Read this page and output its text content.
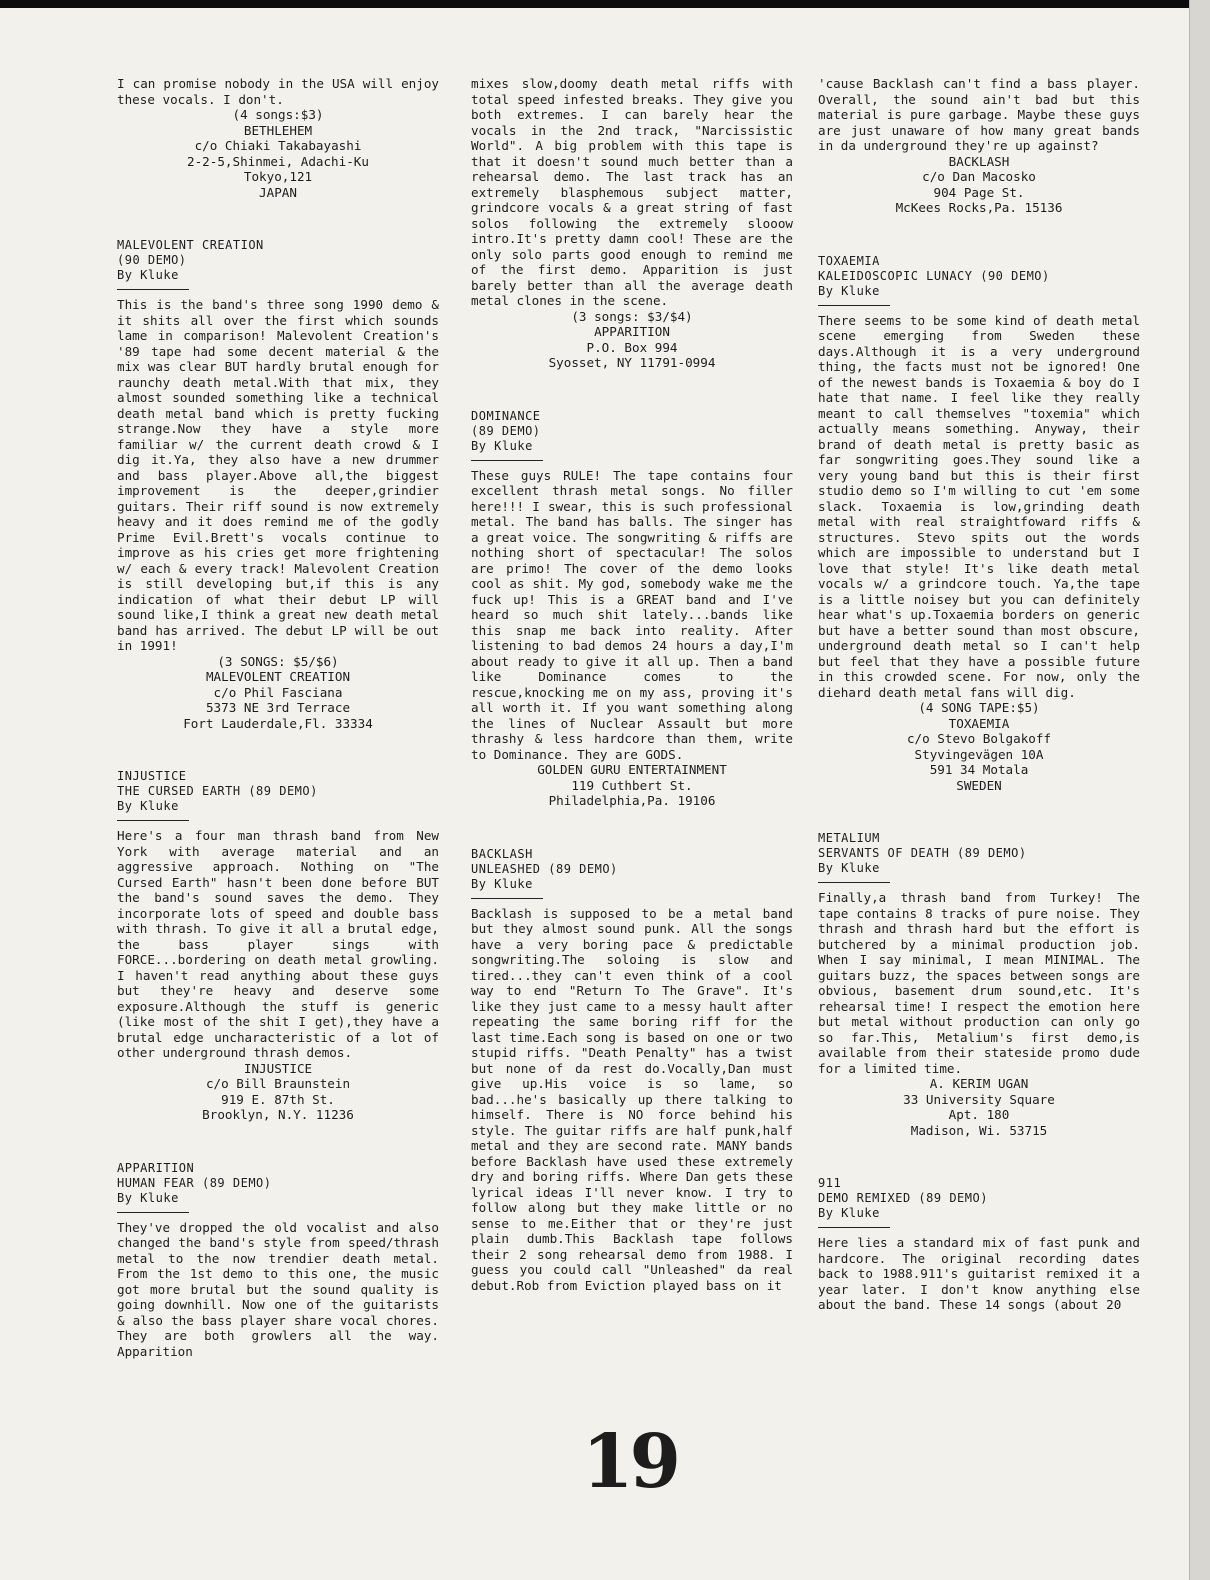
I can promise nobody in the USA will enjoy these vocals. I don't.

(4 songs:$3)

BETHLEHEM

c/o Chiaki Takabayashi

2-2-5,Shinmei, Adachi-Ku

Tokyo,121

JAPAN

MALEVOLENT CREATION

(90 DEMO)

By Kluke

This is the band's three song 1990 demo & it shits all over the first which sounds lame in comparison! Malevolent Creation's '89 tape had some decent material & the mix was clear BUT hardly brutal enough for raunchy death metal.With that mix, they almost sounded something like a technical death metal band which is pretty fucking strange.Now they have a style more familiar w/ the current death crowd & I dig it.Ya, they also have a new drummer and bass player.Above all,the biggest improvement is the deeper,grindier guitars. Their riff sound is now extremely heavy and it does remind me of the godly Prime Evil.Brett's vocals continue to improve as his cries get more frightening w/ each & every track! Malevolent Creation is still developing but,if this is any indication of what their debut LP will sound like,I think a great new death metal band has arrived. The debut LP will be out in 1991!

(3 SONGS: $5/$6)

MALEVOLENT CREATION

c/o Phil Fasciana

5373 NE 3rd Terrace

Fort Lauderdale,Fl. 33334

INJUSTICE

THE CURSED EARTH (89 DEMO)

By Kluke

Here's a four man thrash band from New York with average material and an aggressive approach. Nothing on "The Cursed Earth" hasn't been done before BUT the band's sound saves the demo. They incorporate lots of speed and double bass with thrash. To give it all a brutal edge, the bass player sings with FORCE...bordering on death metal growling. I haven't read anything about these guys but they're heavy and deserve some exposure.Although the stuff is generic (like most of the shit I get),they have a brutal edge uncharacteristic of a lot of other underground thrash demos.

INJUSTICE

c/o Bill Braunstein

919 E. 87th St.

Brooklyn, N.Y. 11236

APPARITION

HUMAN FEAR (89 DEMO)

By Kluke

They've dropped the old vocalist and also changed the band's style from speed/thrash metal to the now trendier death metal. From the 1st demo to this one, the music got more brutal but the sound quality is going downhill. Now one of the guitarists & also the bass player share vocal chores. They are both growlers all the way. Apparition

mixes slow,doomy death metal riffs with total speed infested breaks. They give you both extremes. I can barely hear the vocals in the 2nd track, "Narcissistic World". A big problem with this tape is that it doesn't sound much better than a rehearsal demo. The last track has an extremely blasphemous subject matter, grindcore vocals & a great string of fast solos following the extremely slooow intro.It's pretty damn cool! These are the only solo parts good enough to remind me of the first demo. Apparition is just barely better than all the average death metal clones in the scene.

(3 songs: $3/$4)

APPARITION

P.O. Box 994

Syosset, NY 11791-0994

DOMINANCE

(89 DEMO)

By Kluke

These guys RULE! The tape contains four excellent thrash metal songs. No filler here!!! I swear, this is such professional metal. The band has balls. The singer has a great voice. The songwriting & riffs are nothing short of spectacular! The solos are primo! The cover of the demo looks cool as shit. My god, somebody wake me the fuck up! This is a GREAT band and I've heard so much shit lately...bands like this snap me back into reality. After listening to bad demos 24 hours a day,I'm about ready to give it all up. Then a band like Dominance comes to the rescue,knocking me on my ass, proving it's all worth it. If you want something along the lines of Nuclear Assault but more thrashy & less hardcore than them, write to Dominance. They are GODS.

GOLDEN GURU ENTERTAINMENT

119 Cuthbert St.

Philadelphia,Pa. 19106

BACKLASH

UNLEASHED (89 DEMO)

By Kluke

Backlash is supposed to be a metal band but they almost sound punk. All the songs have a very boring pace & predictable songwriting.The soloing is slow and tired...they can't even think of a cool way to end "Return To The Grave". It's like they just came to a messy hault after repeating the same boring riff for the last time.Each song is based on one or two stupid riffs. "Death Penalty" has a twist but none of da rest do.Vocally,Dan must give up.His voice is so lame, so bad...he's basically up there talking to himself. There is NO force behind his style. The guitar riffs are half punk,half metal and they are second rate. MANY bands before Backlash have used these extremely dry and boring riffs. Where Dan gets these lyrical ideas I'll never know. I try to follow along but they make little or no sense to me.Either that or they're just plain dumb.This Backlash tape follows their 2 song rehearsal demo from 1988. I guess you could call "Unleashed" da real debut.Rob from Eviction played bass on it

'cause Backlash can't find a bass player. Overall, the sound ain't bad but this material is pure garbage. Maybe these guys are just unaware of how many great bands in da underground they're up against?

BACKLASH

c/o Dan Macosko

904 Page St.

McKees Rocks,Pa. 15136

TOXAEMIA

KALEIDOSCOPIC LUNACY (90 DEMO)

By Kluke

There seems to be some kind of death metal scene emerging from Sweden these days.Although it is a very underground thing, the facts must not be ignored! One of the newest bands is Toxaemia & boy do I hate that name. I feel like they really meant to call themselves "toxemia" which actually means something. Anyway, their brand of death metal is pretty basic as far songwriting goes.They sound like a very young band but this is their first studio demo so I'm willing to cut 'em some slack. Toxaemia is low,grinding death metal with real straightfoward riffs & structures. Stevo spits out the words which are impossible to understand but I love that style! It's like death metal vocals w/ a grindcore touch. Ya,the tape is a little noisey but you can definitely hear what's up.Toxaemia borders on generic but have a better sound than most obscure, underground death metal so I can't help but feel that they have a possible future in this crowded scene. For now, only the diehard death metal fans will dig.

(4 SONG TAPE:$5)

TOXAEMIA

c/o Stevo Bolgakoff

Styvingevägen 10A

591 34 Motala

SWEDEN

METALIUM

SERVANTS OF DEATH (89 DEMO)

By Kluke

Finally,a thrash band from Turkey! The tape contains 8 tracks of pure noise. They thrash and thrash hard but the effort is butchered by a minimal production job. When I say minimal, I mean MINIMAL. The guitars buzz, the spaces between songs are obvious, basement drum sound,etc. It's rehearsal time! I respect the emotion here but metal without production can only go so far.This, Metalium's first demo,is available from their stateside promo dude for a limited time.

A. KERIM UGAN

33 University Square

Apt. 180

Madison, Wi. 53715

911

DEMO REMIXED (89 DEMO)

By Kluke

Here lies a standard mix of fast punk and hardcore. The original recording dates back to 1988.911's guitarist remixed it a year later. I don't know anything else about the band. These 14 songs (about 20

19
